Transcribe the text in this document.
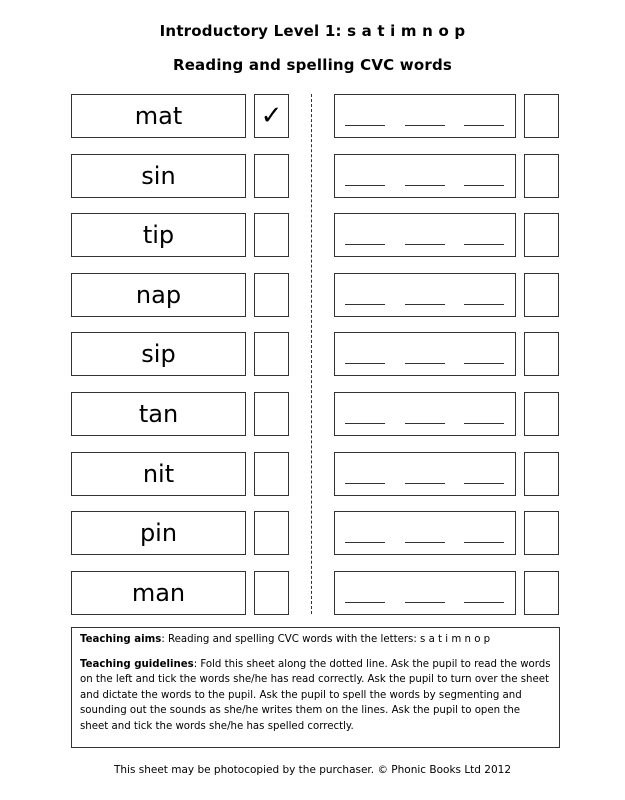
Introductory Level 1: s a t i m n o p
Reading and spelling CVC words
mat	✓
sin
tip
nap
sip
tan
nit
pin
man

Teaching aims: Reading and spelling CVC words with the letters: s a t i m n o p

Teaching guidelines: Fold this sheet along the dotted line. Ask the pupil to read the words on the left and tick the words she/he has read correctly. Ask the pupil to turn over the sheet and dictate the words to the pupil. Ask the pupil to spell the words by segmenting and sounding out the sounds as she/he writes them on the lines. Ask the pupil to open the sheet and tick the words she/he has spelled correctly.

This sheet may be photocopied by the purchaser. © Phonic Books Ltd 2012
